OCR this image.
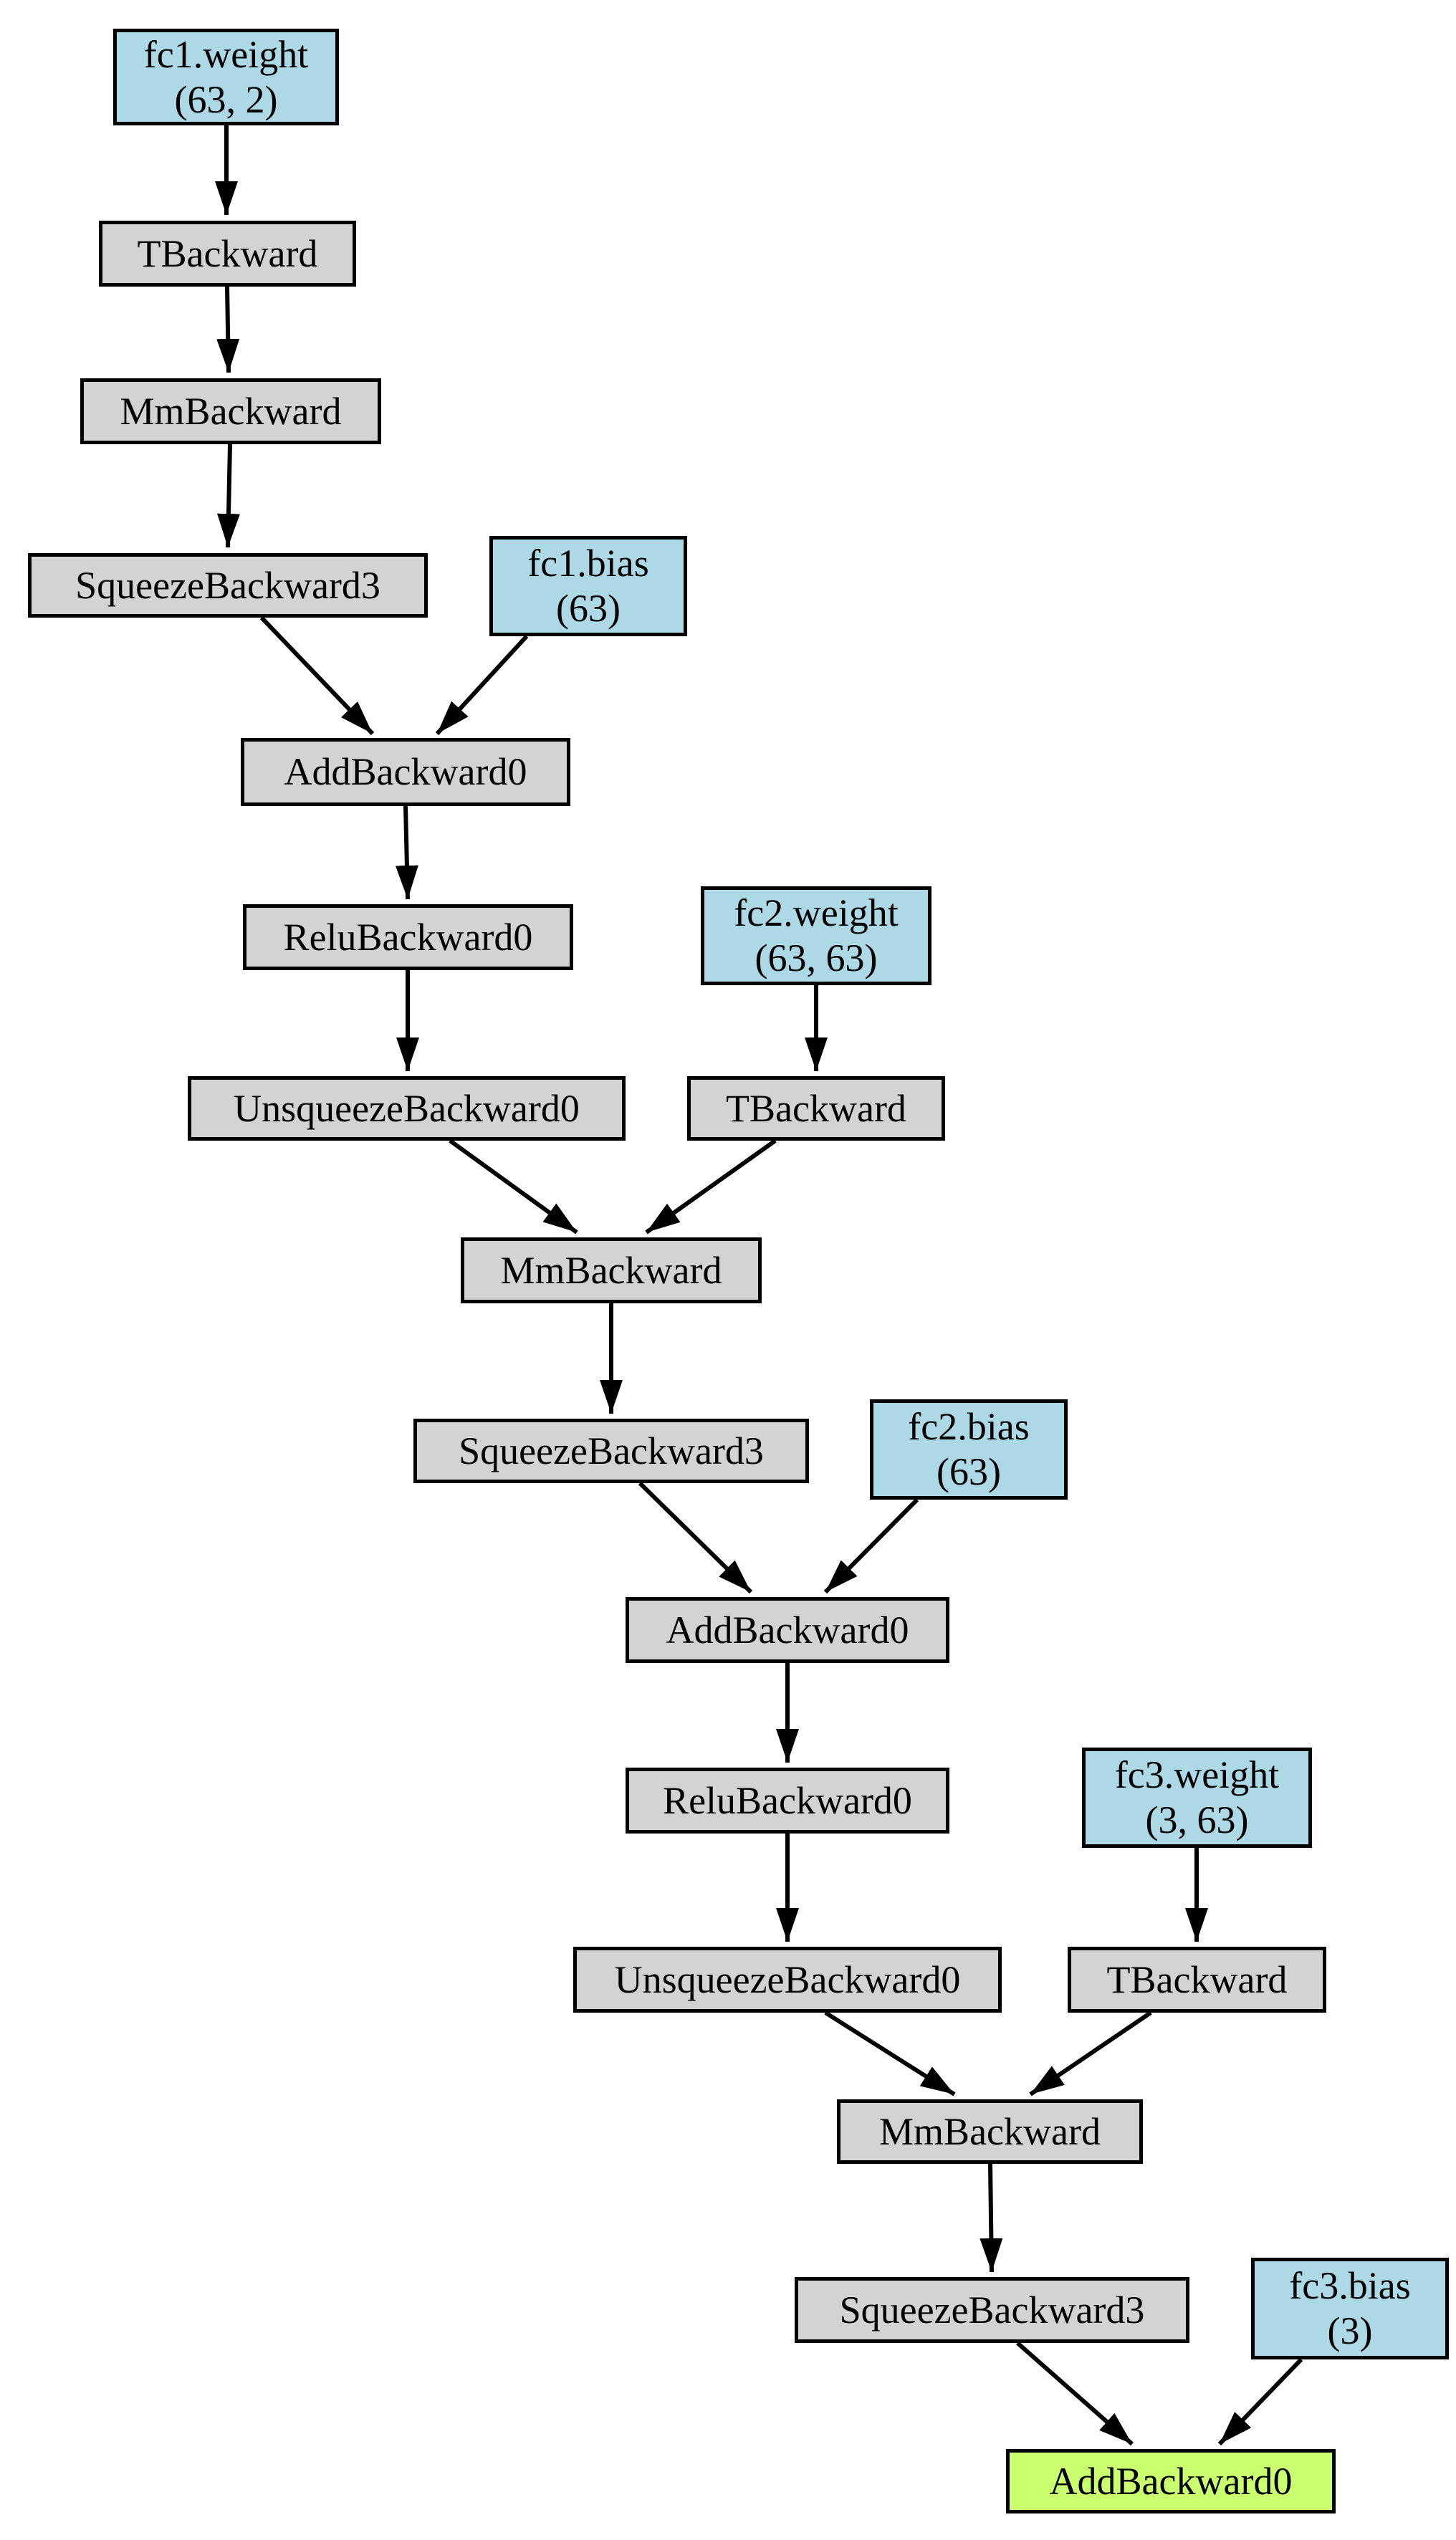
fc1.weight
(63, 2)
TBackward
MmBackward
SqueezeBackward3
fc1.bias
(63)
AddBackward0
ReluBackward0
fc2.weight
(63, 63)
UnsqueezeBackward0	TBackward
MmBackward
SqueezeBackward3
fc2.bias
(63)
AddBackward0
ReluBackward0
fc3.weight
(3, 63)
UnsqueezeBackward0	TBackward
MmBackward
SqueezeBackward3
fc3.bias
(3)
AddBackward0
